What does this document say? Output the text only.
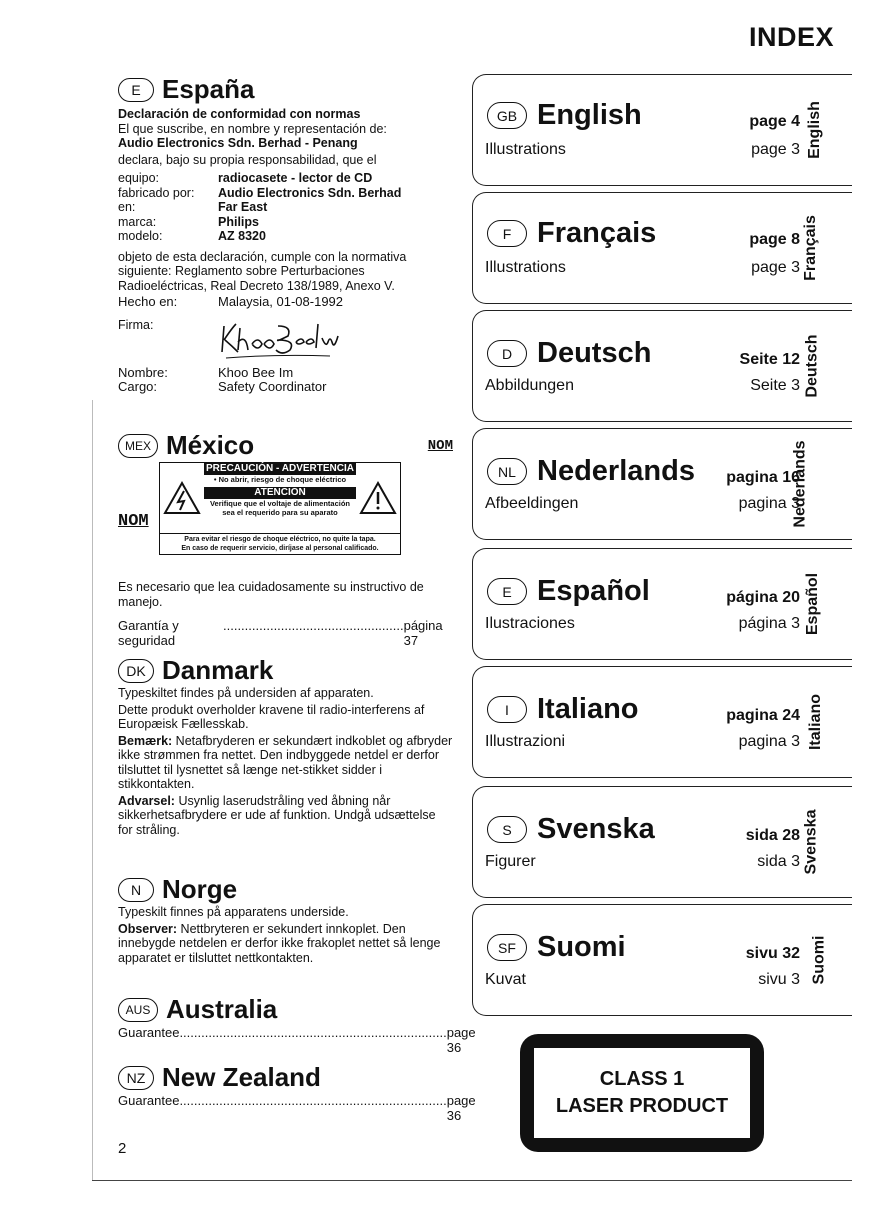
INDEX
E España
Declaración de conformidad con normas
El que suscribe, en nombre y representación de:
Audio Electronics Sdn. Berhad - Penang
declara, bajo su propia responsabilidad, que el
equipo:	radiocasete - lector de CD
fabricado por:	Audio Electronics Sdn. Berhad
en:	Far East
marca:	Philips
modelo:	AZ 8320
objeto de esta declaración, cumple con la normativa siguiente: Reglamento sobre Perturbaciones Radioeléctricas, Real Decreto 138/1989, Anexo V.
Hecho en:	Malaysia, 01-08-1992
Firma:
Nombre:	Khoo Bee Im
Cargo:	Safety Coordinator
MEX México	NOM
NOM
PRECAUCIÓN - ADVERTENCIA
• No abrir, riesgo de choque eléctrico
ATENCION
Verifique que el voltaje de alimentación
sea el requerido para su aparato
Para evitar el riesgo de choque eléctrico, no quite la tapa.
En caso de requerir servicio, diríjase al personal calificado.
Es necesario que lea cuidadosamente su instructivo de manejo.
Garantía y seguridad
.................................................. página 37
DK Danmark
Typeskiltet findes på undersiden af apparaten.
Dette produkt overholder kravene til radio-interferens af Europæisk Fællesskab.
Bemærk: Netafbryderen er sekundært indkoblet og afbryder ikke strømmen fra nettet. Den indbyggede netdel er derfor tilsluttet til lysnettet så længe net-stikket sidder i stikkontakten.
Advarsel: Usynlig laserudstråling ved åbning når sikkerhetsafbrydere er ude af funktion. Undgå udsættelse for stråling.
N Norge
Typeskilt finnes på apparatens underside.
Observer: Nettbryteren er sekundert innkoplet. Den innebygde netdelen er derfor ikke frakoplet nettet så lenge apparatet er tilsluttet nettkontakten.
AUS Australia
Guarantee .......................................................................... page 36
NZ New Zealand
Guarantee .......................................................................... page 36
2
GB English	page 4
Illustrations	page 3 English
F Français	page 8
Illustrations	page 3 Français
D Deutsch	Seite 12
Abbildungen	Seite 3 Deutsch
NL Nederlands pagina 16
Afbeeldingen	pagina 3
Nederlands
E Español	página 20
Ilustraciones	página 3 Español
I Italiano	pagina 24
Illustrazioni	pagina 3 Italiano
S Svenska	sida 28
Figurer	sida 3 Svenska
SF Suomi	sivu 32
Kuvat	sivu 3 Suomi
CLASS 1
LASER PRODUCT
